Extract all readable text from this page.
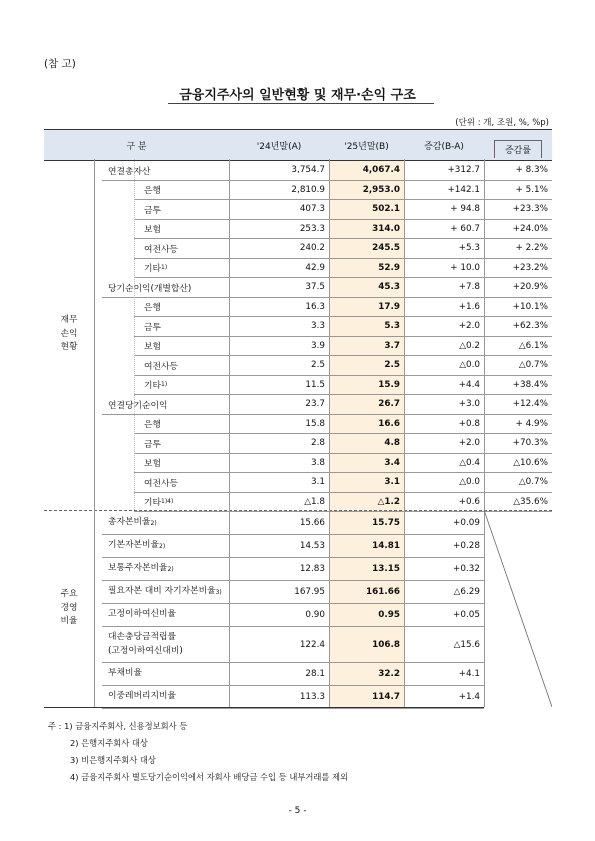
(참 고)
금융지주사의 일반현황 및 재무·손익 구조
(단위 : 개, 조원, %, %p)
구 분	'24년말(A)	'25년말(B)	증감(B-A)	증감률
연결총자산	3,754.7	4,067.4	+312.7	+ 8.3%
은행	2,810.9	2,953.0	+142.1	+ 5.1%
금투	407.3	502.1	+ 94.8	+23.3%
보험	253.3	314.0	+ 60.7	+24.0%
여전사등	240.2	245.5	+5.3	+ 2.2%
기타 1)	42.9	52.9	+ 10.0	+23.2%
당기순이익(개별합산)	37.5	45.3	+7.8	+20.9%
은행	16.3	17.9	+1.6	+10.1%
금투	3.3	5.3	+2.0	+62.3%
보험	3.9	3.7	△0.2	△6.1%
여전사등	2.5	2.5	△0.0	△0.7%
기타 1)	11.5	15.9	+4.4	+38.4%
연결당기순이익	23.7	26.7	+3.0	+12.4%
은행	15.8	16.6	+0.8	+ 4.9%
금투	2.8	4.8	+2.0	+70.3%
보험	3.8	3.4	△0.4	△10.6%
여전사등	3.1	3.1	△0.0	△0.7%
기타 1)4)	△1.8	△1.2	+0.6	△35.6%
총자본비율 2)	15.66	15.75	+0.09
기본자본비율 2)	14.53	14.81	+0.28
보통주자본비율 2)	12.83	13.15	+0.32
필요자본 대비 자기자본비율 3)	167.95	161.66	△6.29
고정이하여신비율	0.90	0.95	+0.05
대손충당금적립률
(고정이하여신대비)
122.4	106.8	△15.6
부채비율	28.1	32.2	+4.1
이중레버리지비율	113.3	114.7	+1.4
재무
손익
현황
주요
경영
비율
주 : 1) 금융지주회사, 신용정보회사 등
2) 은행지주회사 대상
3) 비은행지주회사 대상
4) 금융지주회사 별도당기순이익에서 자회사 배당금 수입 등 내부거래를 제외
- 5 -
